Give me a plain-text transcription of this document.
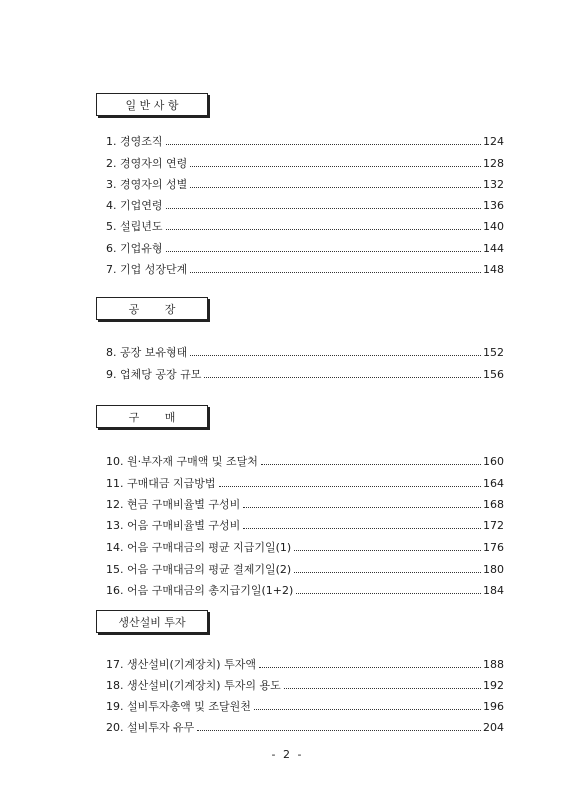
일 반 사 항
1. 경영조직	124
2. 경영자의 연령	128
3. 경영자의 성별	132
4. 기업연령	136
5. 설립년도	140
6. 기업유형	144
7. 기업 성장단계	148
공 장
8. 공장 보유형태	152
9. 업체당 공장 규모	156
구 매
10. 원·부자재 구매액 및 조달처	160
11. 구매대금 지급방법	164
12. 현금 구매비율별 구성비	168
13. 어음 구매비율별 구성비	172
14. 어음 구매대금의 평균 지급기일(1)	176
15. 어음 구매대금의 평균 결제기일(2)	180
16. 어음 구매대금의 총지급기일(1+2)	184
생산설비 투자
17. 생산설비(기계장치) 투자액	188
18. 생산설비(기계장치) 투자의 용도	192
19. 설비투자총액 및 조달원천	196
20. 설비투자 유무	204
- 2 -
